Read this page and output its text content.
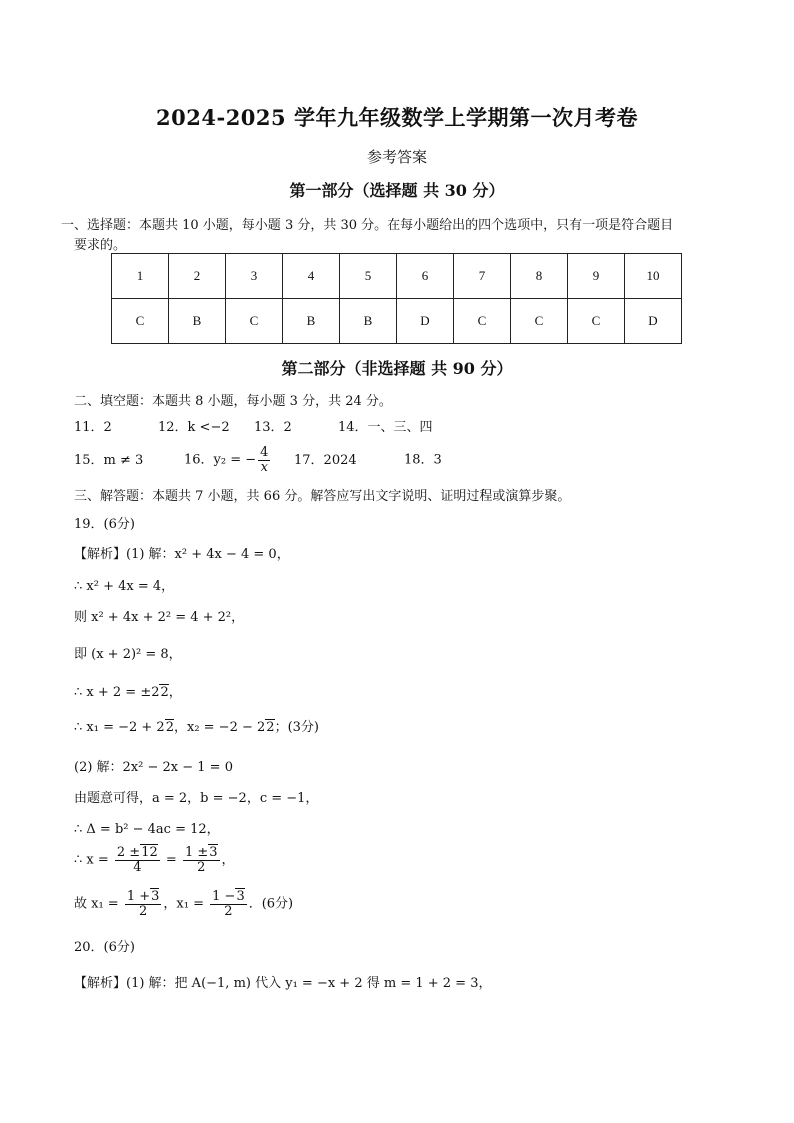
2024-2025 学年九年级数学上学期第一次月考卷
参考答案
第一部分（选择题 共 30 分）
一、选择题：本题共 10 小题，每小题 3 分，共 30 分。在每小题给出的四个选项中，只有一项是符合题目
要求的。
1	2	3	4	5	6	7	8	9	10
C	B	C	B	B	D	C	C	C	D
第二部分（非选择题 共 90 分）
二、填空题：本题共 8 小题，每小题 3 分，共 24 分。
11．2	12．k <−2 13．2	14．一、三、四
15．m ≠ 3	16．y₂ = − $\frac{4}{x} 17$．2024	18．3
三、解答题：本题共 7 小题，共 66 分。解答应写出文字说明、证明过程或演算步聚。
19．(6分)
【解析】(1) 解：x² + 4x − 4 = 0，
∴ x² + 4x = 4，
则 x² + 4x + 2² = 4 + 2²，
即 (x + 2)² = 8，
∴ x + 2 = ±22，
∴ x₁ = −2 + 22，x₂ = −2 − 22；(3分)
(2) 解：2x² − 2x − 1 = 0
由题意可得，a = 2，b = −2，c = −1，
∴ Δ = b² − 4ac = 12，
∴ $x = \frac{2 \pm 12}{4} = \frac{1 \pm 3}{2}$ ，
故 $x_1 = \frac{1 +3}{2}$ ，$x_1 = \frac{1 -3}{2}$ ．(6分)
20．(6分)
【解析】(1) 解：把 A(−1, m) 代入 y₁ = −x + 2 得 m = 1 + 2 = 3，
